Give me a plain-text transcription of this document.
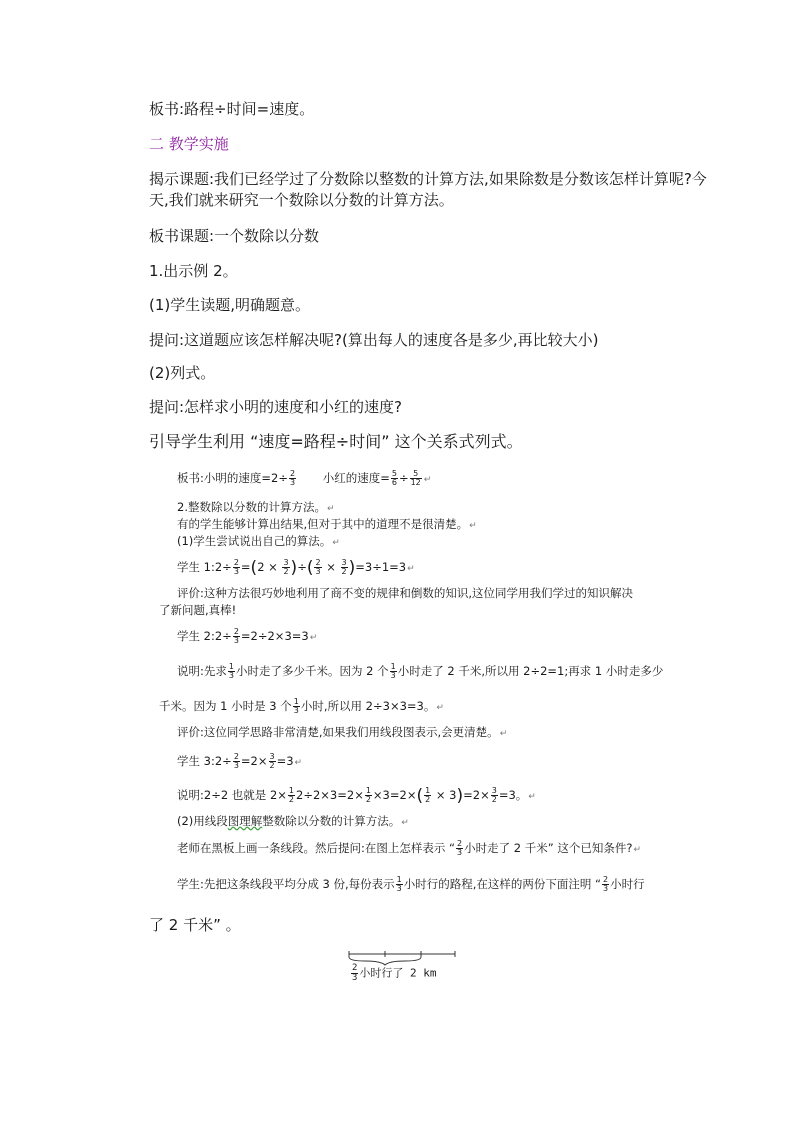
板书:路程÷时间=速度。
二 教学实施
揭示课题:我们已经学过了分数除以整数的计算方法,如果除数是分数该怎样计算呢?今
天,我们就来研究一个数除以分数的计算方法。
板书课题:一个数除以分数
1.出示例 2。
(1)学生读题,明确题意。
提问:这道题应该怎样解决呢?(算出每人的速度各是多少,再比较大小)
(2)列式。
提问:怎样求小明的速度和小红的速度?
引导学生利用 “速度=路程÷时间” 这个关系式列式。
板书:小明的速度$=2\div \frac{2}{3}$ 小红的速度= $\frac{5}{6} \div \frac{5}{12}$ ↵
2.整数除以分数的计算方法。↵
有的学生能够计算出结果,但对于其中的道理不是很清楚。↵
(1)学生尝试说出自己的算法。↵
学生 1:2÷ $\frac{2}{3} =(2 \times \frac{3}{2}$ )÷( $\frac{2}{3} \times \frac{3}{2}$ )=3÷1=3↵
评价:这种方法很巧妙地利用了商不变的规律和倒数的知识,这位同学用我们学过的知识解决
了新问题,真棒!
学生 2:2÷ $\frac{2}{3}$ =2÷2×3=3↵
说明:先求 $\frac{1}{3}$ 小时走了多少千米。因为 2 个 $\frac{1}{3}$ 小时走了 2 千米,所以用 2÷2=1;再求 1 小时走多少
千米。因为 1 小时是 3 个 $\frac{1}{3}$ 小时,所以用 2÷3×3=3。↵
评价:这位同学思路非常清楚,如果我们用线段图表示,会更清楚。↵
学生 3:2÷ $\frac{2}{3} =2\times \frac{3}{2}$ =3↵
说明:2÷2 也就是 $2\times \frac{1}{2} 2\div 2\times 3=2\times \frac{1}{2} \times 3=2\times( \frac{1}{2} \times 3)=2\times \frac{3}{2} =3$。↵
(2)用线段图理解整数除以分数的计算方法。↵
老师在黑板上画一条线段。然后提问:在图上怎样表示 “ $\frac{2}{3}$ 小时走了 2 千米” 这个已知条件?↵
学生:先把这条线段平均分成 3 份,每份表示 $\frac{1}{3}$ 小时行的路程,在这样的两份下面注明 “ $\frac{2}{3}$ 小时行
了 2 千米” 。
$\frac{2}{3}$ 小时行了 2 km
